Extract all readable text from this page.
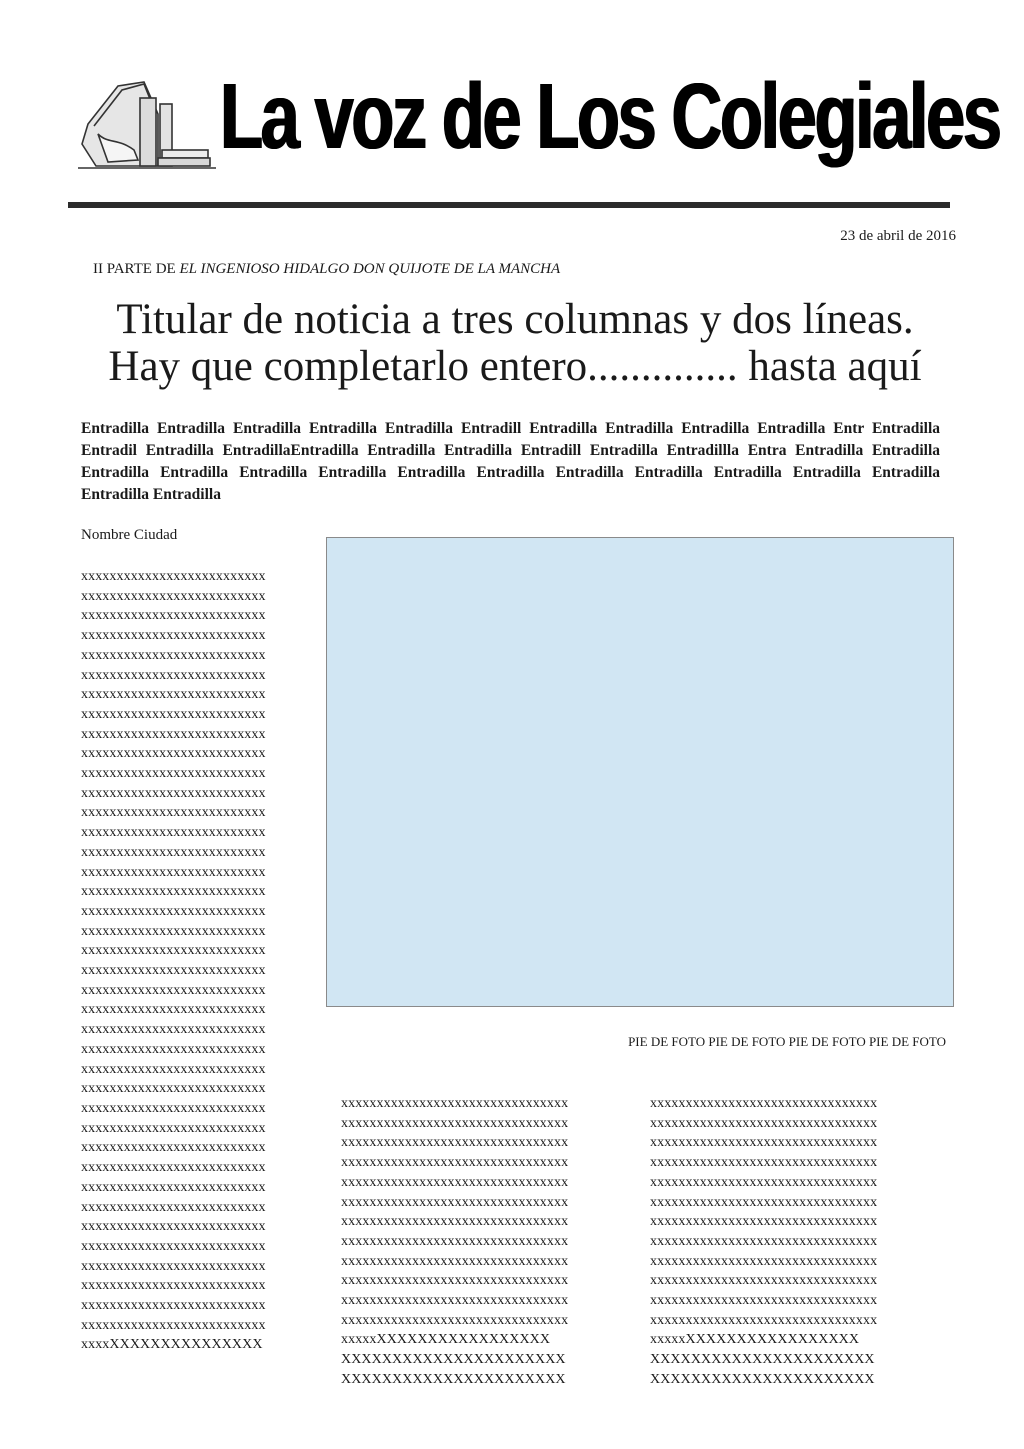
La voz de Los Colegiales
23 de abril de 2016
II PARTE DE EL INGENIOSO HIDALGO DON QUIJOTE DE LA MANCHA
Titular de noticia a tres columnas y dos líneas.
Hay que completarlo entero.............. hasta aquí
Entradilla Entradilla Entradilla Entradilla Entradilla Entradill Entradilla Entradilla Entradilla Entradilla Entr Entradilla Entradil Entradilla EntradillaEntradilla Entradilla Entradilla Entradill Entradilla Entradillla Entra Entradilla Entradilla Entradilla Entradilla Entradilla Entradilla Entradilla Entradilla Entradilla Entradilla Entradilla Entradilla Entradilla Entradilla Entradilla
Nombre Ciudad
xxxxxxxxxxxxxxxxxxxxxxxxxx
xxxxxxxxxxxxxxxxxxxxxxxxxx
xxxxxxxxxxxxxxxxxxxxxxxxxx
xxxxxxxxxxxxxxxxxxxxxxxxxx
xxxxxxxxxxxxxxxxxxxxxxxxxx
xxxxxxxxxxxxxxxxxxxxxxxxxx
xxxxxxxxxxxxxxxxxxxxxxxxxx
xxxxxxxxxxxxxxxxxxxxxxxxxx
xxxxxxxxxxxxxxxxxxxxxxxxxx
xxxxxxxxxxxxxxxxxxxxxxxxxx
xxxxxxxxxxxxxxxxxxxxxxxxxx
xxxxxxxxxxxxxxxxxxxxxxxxxx
xxxxxxxxxxxxxxxxxxxxxxxxxx
xxxxxxxxxxxxxxxxxxxxxxxxxx
xxxxxxxxxxxxxxxxxxxxxxxxxx
xxxxxxxxxxxxxxxxxxxxxxxxxx
xxxxxxxxxxxxxxxxxxxxxxxxxx
xxxxxxxxxxxxxxxxxxxxxxxxxx
xxxxxxxxxxxxxxxxxxxxxxxxxx
xxxxxxxxxxxxxxxxxxxxxxxxxx
xxxxxxxxxxxxxxxxxxxxxxxxxx
xxxxxxxxxxxxxxxxxxxxxxxxxx
xxxxxxxxxxxxxxxxxxxxxxxxxx
xxxxxxxxxxxxxxxxxxxxxxxxxx
xxxxxxxxxxxxxxxxxxxxxxxxxx
xxxxxxxxxxxxxxxxxxxxxxxxxx
xxxxxxxxxxxxxxxxxxxxxxxxxx
xxxxxxxxxxxxxxxxxxxxxxxxxx
xxxxxxxxxxxxxxxxxxxxxxxxxx
xxxxxxxxxxxxxxxxxxxxxxxxxx
xxxxxxxxxxxxxxxxxxxxxxxxxx
xxxxxxxxxxxxxxxxxxxxxxxxxx
xxxxxxxxxxxxxxxxxxxxxxxxxx
xxxxxxxxxxxxxxxxxxxxxxxxxx
xxxxxxxxxxxxxxxxxxxxxxxxxx
xxxxxxxxxxxxxxxxxxxxxxxxxx
xxxxxxxxxxxxxxxxxxxxxxxxxx
xxxxxxxxxxxxxxxxxxxxxxxxxx
xxxxxxxxxxxxxxxxxxxxxxxxxx
xxxxXXXXXXXXXXXXXXX
PIE DE FOTO PIE DE FOTO PIE DE FOTO PIE DE FOTO
xxxxxxxxxxxxxxxxxxxxxxxxxxxxxxxx
xxxxxxxxxxxxxxxxxxxxxxxxxxxxxxxx
xxxxxxxxxxxxxxxxxxxxxxxxxxxxxxxx
xxxxxxxxxxxxxxxxxxxxxxxxxxxxxxxx
xxxxxxxxxxxxxxxxxxxxxxxxxxxxxxxx
xxxxxxxxxxxxxxxxxxxxxxxxxxxxxxxx
xxxxxxxxxxxxxxxxxxxxxxxxxxxxxxxx
xxxxxxxxxxxxxxxxxxxxxxxxxxxxxxxx
xxxxxxxxxxxxxxxxxxxxxxxxxxxxxxxx
xxxxxxxxxxxxxxxxxxxxxxxxxxxxxxxx
xxxxxxxxxxxxxxxxxxxxxxxxxxxxxxxx
xxxxxxxxxxxxxxxxxxxxxxxxxxxxxxxx
xxxxxXXXXXXXXXXXXXXXXX
XXXXXXXXXXXXXXXXXXXXXX
XXXXXXXXXXXXXXXXXXXXXX
xxxxxxxxxxxxxxxxxxxxxxxxxxxxxxxx
xxxxxxxxxxxxxxxxxxxxxxxxxxxxxxxx
xxxxxxxxxxxxxxxxxxxxxxxxxxxxxxxx
xxxxxxxxxxxxxxxxxxxxxxxxxxxxxxxx
xxxxxxxxxxxxxxxxxxxxxxxxxxxxxxxx
xxxxxxxxxxxxxxxxxxxxxxxxxxxxxxxx
xxxxxxxxxxxxxxxxxxxxxxxxxxxxxxxx
xxxxxxxxxxxxxxxxxxxxxxxxxxxxxxxx
xxxxxxxxxxxxxxxxxxxxxxxxxxxxxxxx
xxxxxxxxxxxxxxxxxxxxxxxxxxxxxxxx
xxxxxxxxxxxxxxxxxxxxxxxxxxxxxxxx
xxxxxxxxxxxxxxxxxxxxxxxxxxxxxxxx
xxxxxXXXXXXXXXXXXXXXXX
XXXXXXXXXXXXXXXXXXXXXX
XXXXXXXXXXXXXXXXXXXXXX
